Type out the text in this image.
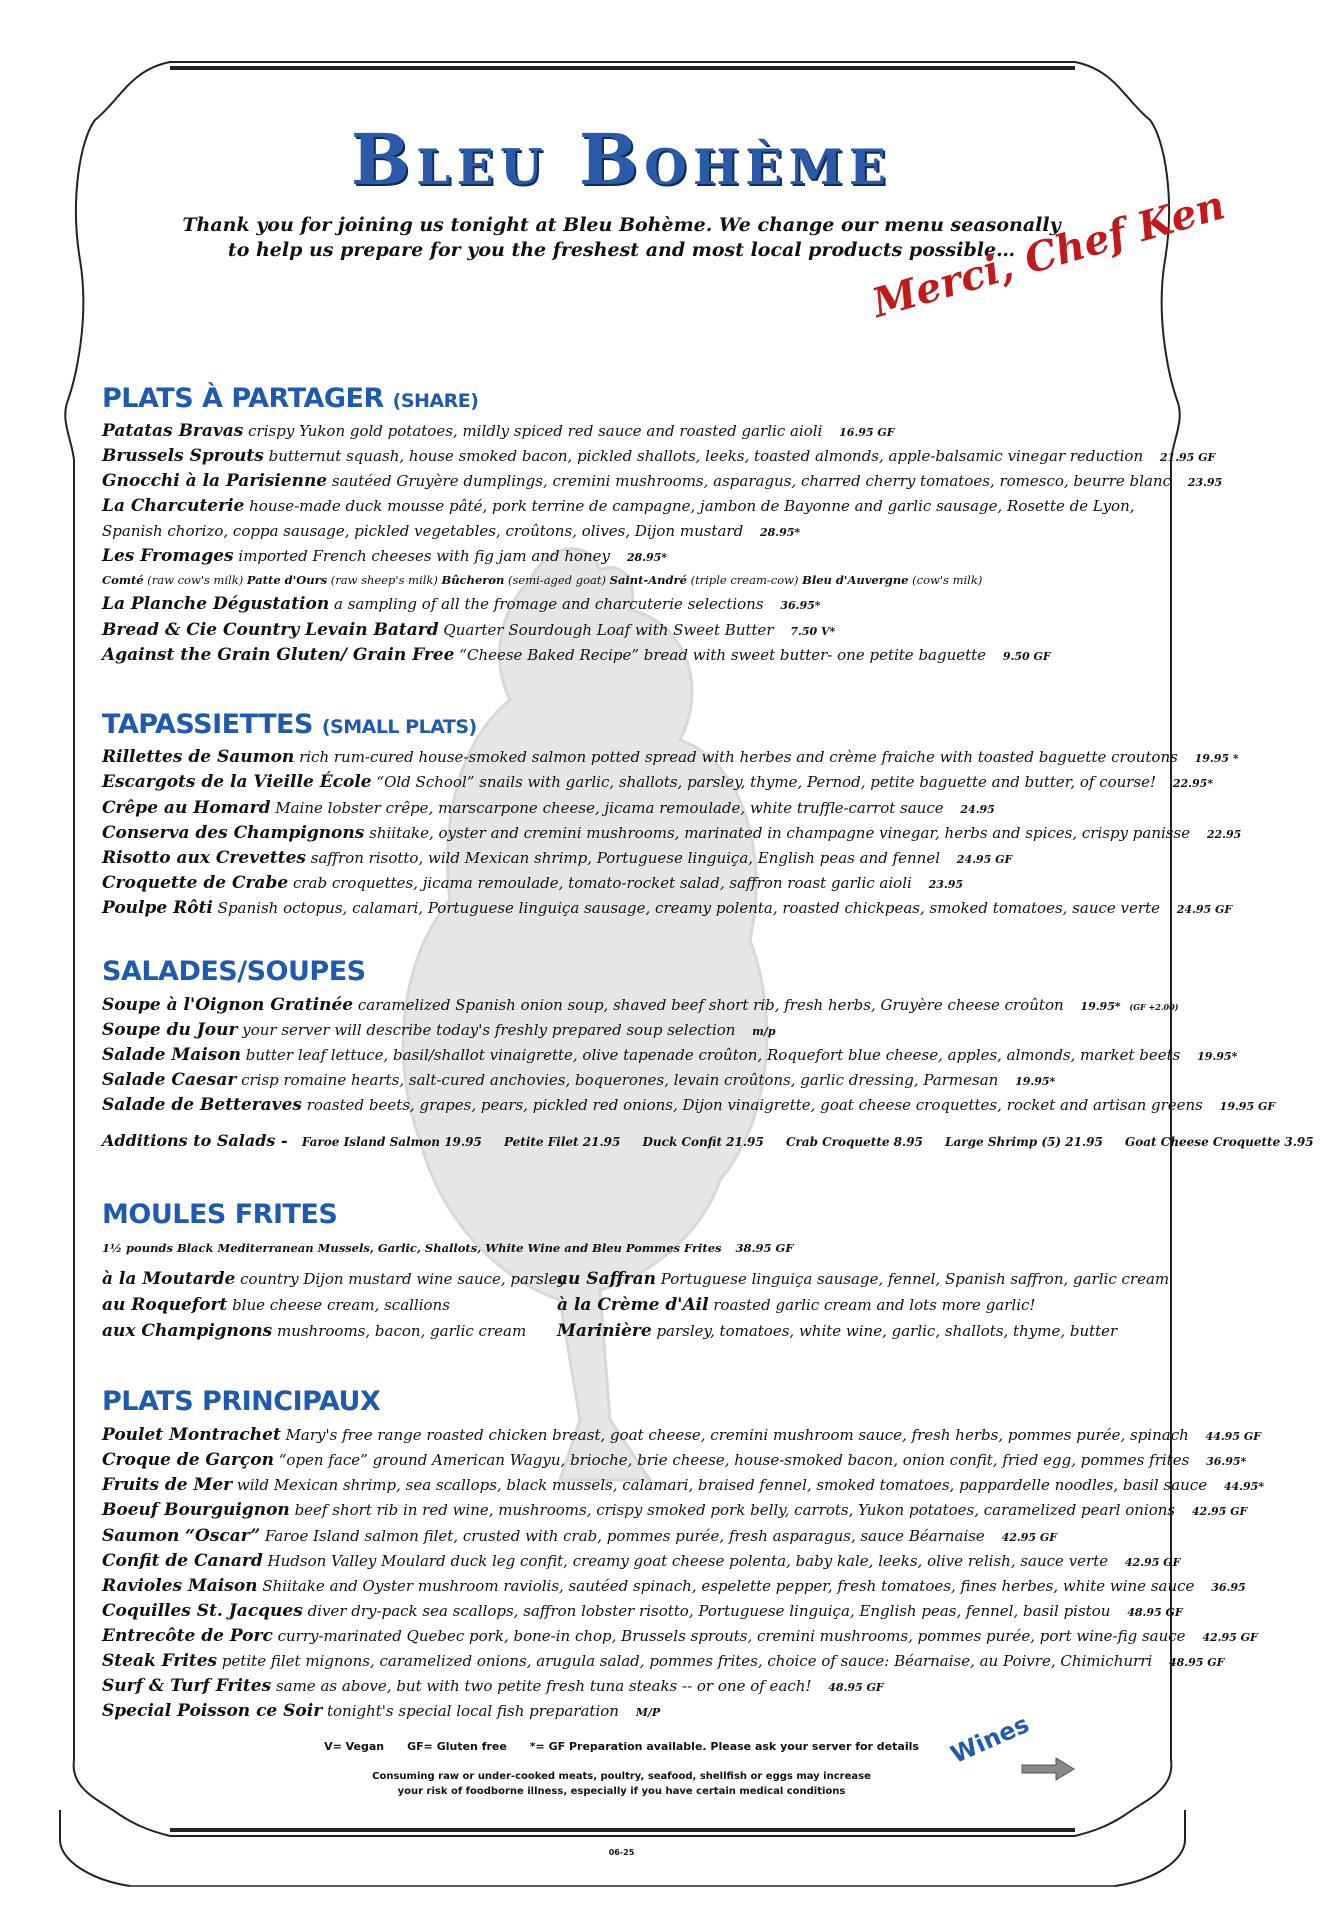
Bleu Bohème
Thank you for joining us tonight at Bleu Bohème. We change our menu seasonally
to help us prepare for you the freshest and most local products possible…
Merci, Chef Ken
PLATS À PARTAGER (SHARE)
Patatas Bravas crispy Yukon gold potatoes, mildly spiced red sauce and roasted garlic aioli 16.95 GF
Brussels Sprouts butternut squash, house smoked bacon, pickled shallots, leeks, toasted almonds, apple-balsamic vinegar reduction 21.95 GF
Gnocchi à la Parisienne sautéed Gruyère dumplings, cremini mushrooms, asparagus, charred cherry tomatoes, romesco, beurre blanc 23.95
La Charcuterie house-made duck mousse pâté, pork terrine de campagne, jambon de Bayonne and garlic sausage, Rosette de Lyon,
Spanish chorizo, coppa sausage, pickled vegetables, croûtons, olives, Dijon mustard 28.95*
Les Fromages imported French cheeses with fig jam and honey 28.95*
Comté (raw cow's milk) Patte d'Ours (raw sheep's milk) Bûcheron (semi-aged goat) Saint-André (triple cream-cow) Bleu d'Auvergne (cow's milk)
La Planche Dégustation a sampling of all the fromage and charcuterie selections 36.95*
Bread & Cie Country Levain Batard Quarter Sourdough Loaf with Sweet Butter 7.50 V*
Against the Grain Gluten/ Grain Free “Cheese Baked Recipe” bread with sweet butter- one petite baguette 9.50 GF
TAPASSIETTES (SMALL PLATS)
Rillettes de Saumon rich rum-cured house-smoked salmon potted spread with herbes and crème fraiche with toasted baguette croutons 19.95 *
Escargots de la Vieille École “Old School” snails with garlic, shallots, parsley, thyme, Pernod, petite baguette and butter, of course! 22.95*
Crêpe au Homard Maine lobster crêpe, marscarpone cheese, jicama remoulade, white truffle-carrot sauce 24.95
Conserva des Champignons shiitake, oyster and cremini mushrooms, marinated in champagne vinegar, herbs and spices, crispy panisse 22.95
Risotto aux Crevettes saffron risotto, wild Mexican shrimp, Portuguese linguiça, English peas and fennel 24.95 GF
Croquette de Crabe crab croquettes, jicama remoulade, tomato-rocket salad, saffron roast garlic aioli 23.95
Poulpe Rôti Spanish octopus, calamari, Portuguese linguiça sausage, creamy polenta, roasted chickpeas, smoked tomatoes, sauce verte 24.95 GF
SALADES/SOUPES
Soupe à l'Oignon Gratinée caramelized Spanish onion soup, shaved beef short rib, fresh herbs, Gruyère cheese croûton 19.95* (GF +2.00)
Soupe du Jour your server will describe today's freshly prepared soup selection m/p
Salade Maison butter leaf lettuce, basil/shallot vinaigrette, olive tapenade croûton, Roquefort blue cheese, apples, almonds, market beets 19.95*
Salade Caesar crisp romaine hearts, salt-cured anchovies, boquerones, levain croûtons, garlic dressing, Parmesan 19.95*
Salade de Betteraves roasted beets, grapes, pears, pickled red onions, Dijon vinaigrette, goat cheese croquettes, rocket and artisan greens 19.95 GF
Additions to Salads - Faroe Island Salmon 19.95 Petite Filet 21.95 Duck Confit 21.95 Crab Croquette 8.95 Large Shrimp (5) 21.95 Goat Cheese Croquette 3.95
MOULES FRITES
1½ pounds Black Mediterranean Mussels, Garlic, Shallots, White Wine and Bleu Pommes Frites 38.95 GF
à la Moutarde country Dijon mustard wine sauce, parsley
au Roquefort blue cheese cream, scallions
aux Champignons mushrooms, bacon, garlic cream
au Saffran Portuguese linguiça sausage, fennel, Spanish saffron, garlic cream
à la Crème d'Ail roasted garlic cream and lots more garlic!
Marinière parsley, tomatoes, white wine, garlic, shallots, thyme, butter
PLATS PRINCIPAUX
Poulet Montrachet Mary's free range roasted chicken breast, goat cheese, cremini mushroom sauce, fresh herbs, pommes purée, spinach 44.95 GF
Croque de Garçon “open face” ground American Wagyu, brioche, brie cheese, house-smoked bacon, onion confit, fried egg, pommes frites 36.95*
Fruits de Mer wild Mexican shrimp, sea scallops, black mussels, calamari, braised fennel, smoked tomatoes, pappardelle noodles, basil sauce 44.95*
Boeuf Bourguignon beef short rib in red wine, mushrooms, crispy smoked pork belly, carrots, Yukon potatoes, caramelized pearl onions 42.95 GF
Saumon “Oscar” Faroe Island salmon filet, crusted with crab, pommes purée, fresh asparagus, sauce Béarnaise 42.95 GF
Confit de Canard Hudson Valley Moulard duck leg confit, creamy goat cheese polenta, baby kale, leeks, olive relish, sauce verte 42.95 GF
Ravioles Maison Shiitake and Oyster mushroom raviolis, sautéed spinach, espelette pepper, fresh tomatoes, fines herbes, white wine sauce 36.95
Coquilles St. Jacques diver dry-pack sea scallops, saffron lobster risotto, Portuguese linguiça, English peas, fennel, basil pistou 48.95 GF
Entrecôte de Porc curry-marinated Quebec pork, bone-in chop, Brussels sprouts, cremini mushrooms, pommes purée, port wine-fig sauce 42.95 GF
Steak Frites petite filet mignons, caramelized onions, arugula salad, pommes frites, choice of sauce: Béarnaise, au Poivre, Chimichurri 48.95 GF
Surf & Turf Frites same as above, but with two petite fresh tuna steaks -- or one of each! 48.95 GF
Special Poisson ce Soir tonight's special local fish preparation M/P
V= Vegan      GF= Gluten free      *= GF Preparation available. Please ask your server for details
Consuming raw or under-cooked meats, poultry, seafood, shellfish or eggs may increase
your risk of foodborne illness, especially if you have certain medical conditions
Wines
06-25
